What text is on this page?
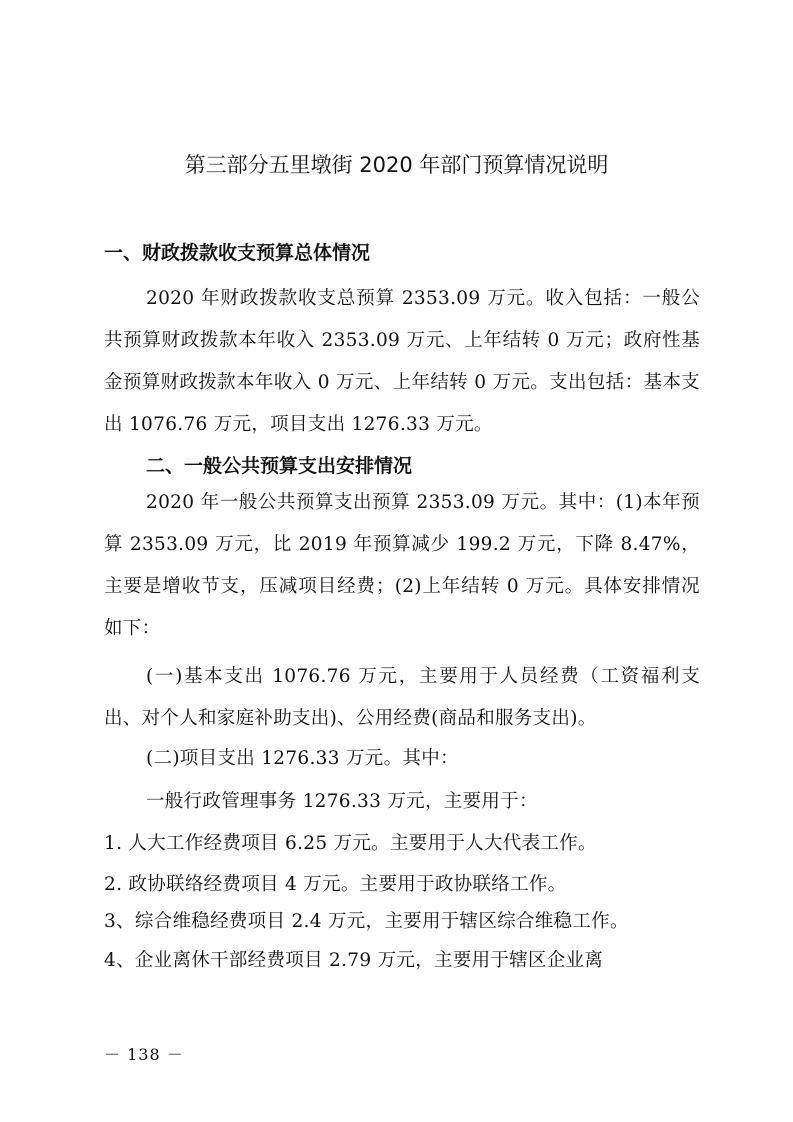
第三部分五里墩街 2020 年部门预算情况说明
一、财政拨款收支预算总体情况
2020 年财政拨款收支总预算 2353.09 万元。收入包括：一般公共预算财政拨款本年收入 2353.09 万元、上年结转 0 万元；政府性基金预算财政拨款本年收入 0 万元、上年结转 0 万元。支出包括：基本支出 1076.76 万元，项目支出 1276.33 万元。
二、一般公共预算支出安排情况
2020 年一般公共预算支出预算 2353.09 万元。其中：(1)本年预算 2353.09 万元，比 2019 年预算减少 199.2 万元，下降 8.47%，主要是增收节支，压减项目经费；(2)上年结转 0 万元。具体安排情况如下：
(一)基本支出 1076.76 万元，主要用于人员经费（工资福利支出、对个人和家庭补助支出)、公用经费(商品和服务支出)。
(二)项目支出 1276.33 万元。其中：
一般行政管理事务 1276.33 万元，主要用于：
1. 人大工作经费项目 6.25 万元。主要用于人大代表工作。
2. 政协联络经费项目 4 万元。主要用于政协联络工作。
3、综合维稳经费项目 2.4 万元，主要用于辖区综合维稳工作。
4、企业离休干部经费项目 2.79 万元，主要用于辖区企业离
－ 138 －
